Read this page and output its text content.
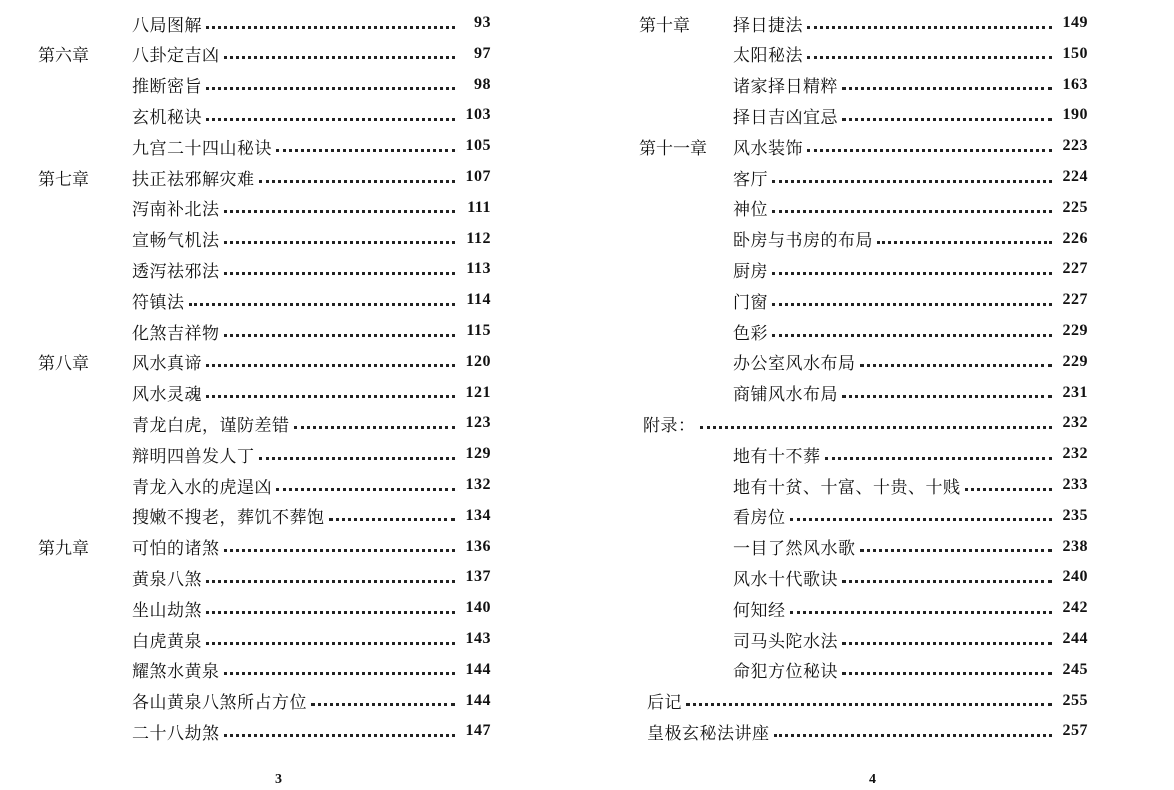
八局图解	93
第六章	八卦定吉凶	97
推断密旨	98
玄机秘诀	103
九宫二十四山秘诀	105
第七章	扶正祛邪解灾难	107
泻南补北法	111
宣畅气机法	112
透泻祛邪法	113
符镇法	114
化煞吉祥物	115
第八章	风水真谛	120
风水灵魂	121
青龙白虎，谨防差错	123
辩明四兽发人丁	129
青龙入水的虎逞凶	132
搜嫩不搜老，葬饥不葬饱	134
第九章	可怕的诸煞	136
黄泉八煞	137
坐山劫煞	140
白虎黄泉	143
耀煞水黄泉	144
各山黄泉八煞所占方位	144
二十八劫煞	147
第十章	择日捷法	149
太阳秘法	150
诸家择日精粹	163
择日吉凶宜忌	190
第十一章 风水装饰	223
客厅	224
神位	225
卧房与书房的布局	226
厨房	227
门窗	227
色彩	229
办公室风水布局	229
商铺风水布局	231
附录：	232
地有十不葬	232
地有十贫、十富、十贵、十贱	233
看房位	235
一目了然风水歌	238
风水十代歌诀	240
何知经	242
司马头陀水法	244
命犯方位秘诀	245
后记	255
皇极玄秘法讲座	257
3	4
